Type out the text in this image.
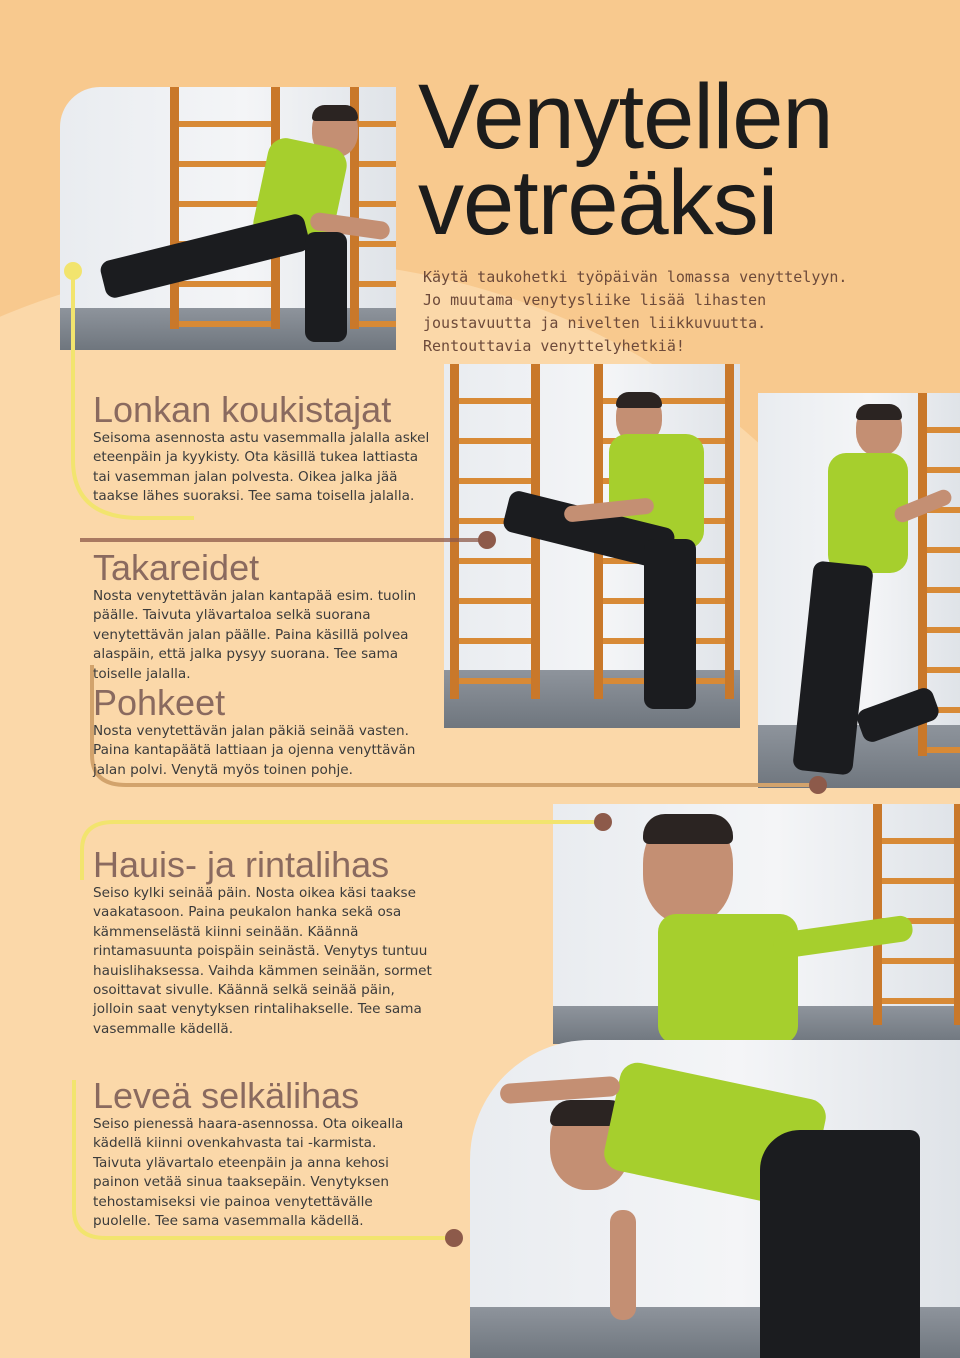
Venytellen
vetreäksi

Käytä taukohetki työpäivän lomassa venyttelyyn. Jo muutama venytysliike lisää lihasten joustavuutta ja nivelten liikkuvuutta. Rentouttavia venyttelyhetkiä!

Lonkan koukistajat

Seisoma asennosta astu vasemmalla jalalla askel eteenpäin ja kyykisty. Ota käsillä tukea lattiasta tai vasemman jalan polvesta. Oikea jalka jää taakse lähes suoraksi. Tee sama toisella jalalla.

Takareidet

Nosta venytettävän jalan kantapää esim. tuolin päälle. Taivuta ylävartaloa selkä suorana venytettävän jalan päälle. Paina käsillä polvea alaspäin, että jalka pysyy suorana. Tee sama toiselle jalalla.

Pohkeet

Nosta venytettävän jalan päkiä seinää vasten. Paina kantapäätä lattiaan ja ojenna venyttävän jalan polvi. Venytä myös toinen pohje.

Hauis- ja rintalihas

Seiso kylki seinää päin. Nosta oikea käsi taakse vaakatasoon. Paina peukalon hanka sekä osa kämmenselästä kiinni seinään. Käännä rintamasuunta poispäin seinästä. Venytys tuntuu hauislihaksessa. Vaihda kämmen seinään, sormet osoittavat sivulle. Käännä selkä seinää päin, jolloin saat venytyksen rintalihakselle. Tee sama vasemmalle kädellä.

Leveä selkälihas

Seiso pienessä haara-asennossa. Ota oikealla kädellä kiinni ovenkahvasta tai -karmista. Taivuta ylävartalo eteenpäin ja anna kehosi painon vetää sinua taaksepäin. Venytyksen tehostamiseksi vie painoa venytettävälle puolelle. Tee sama vasemmalla kädellä.
